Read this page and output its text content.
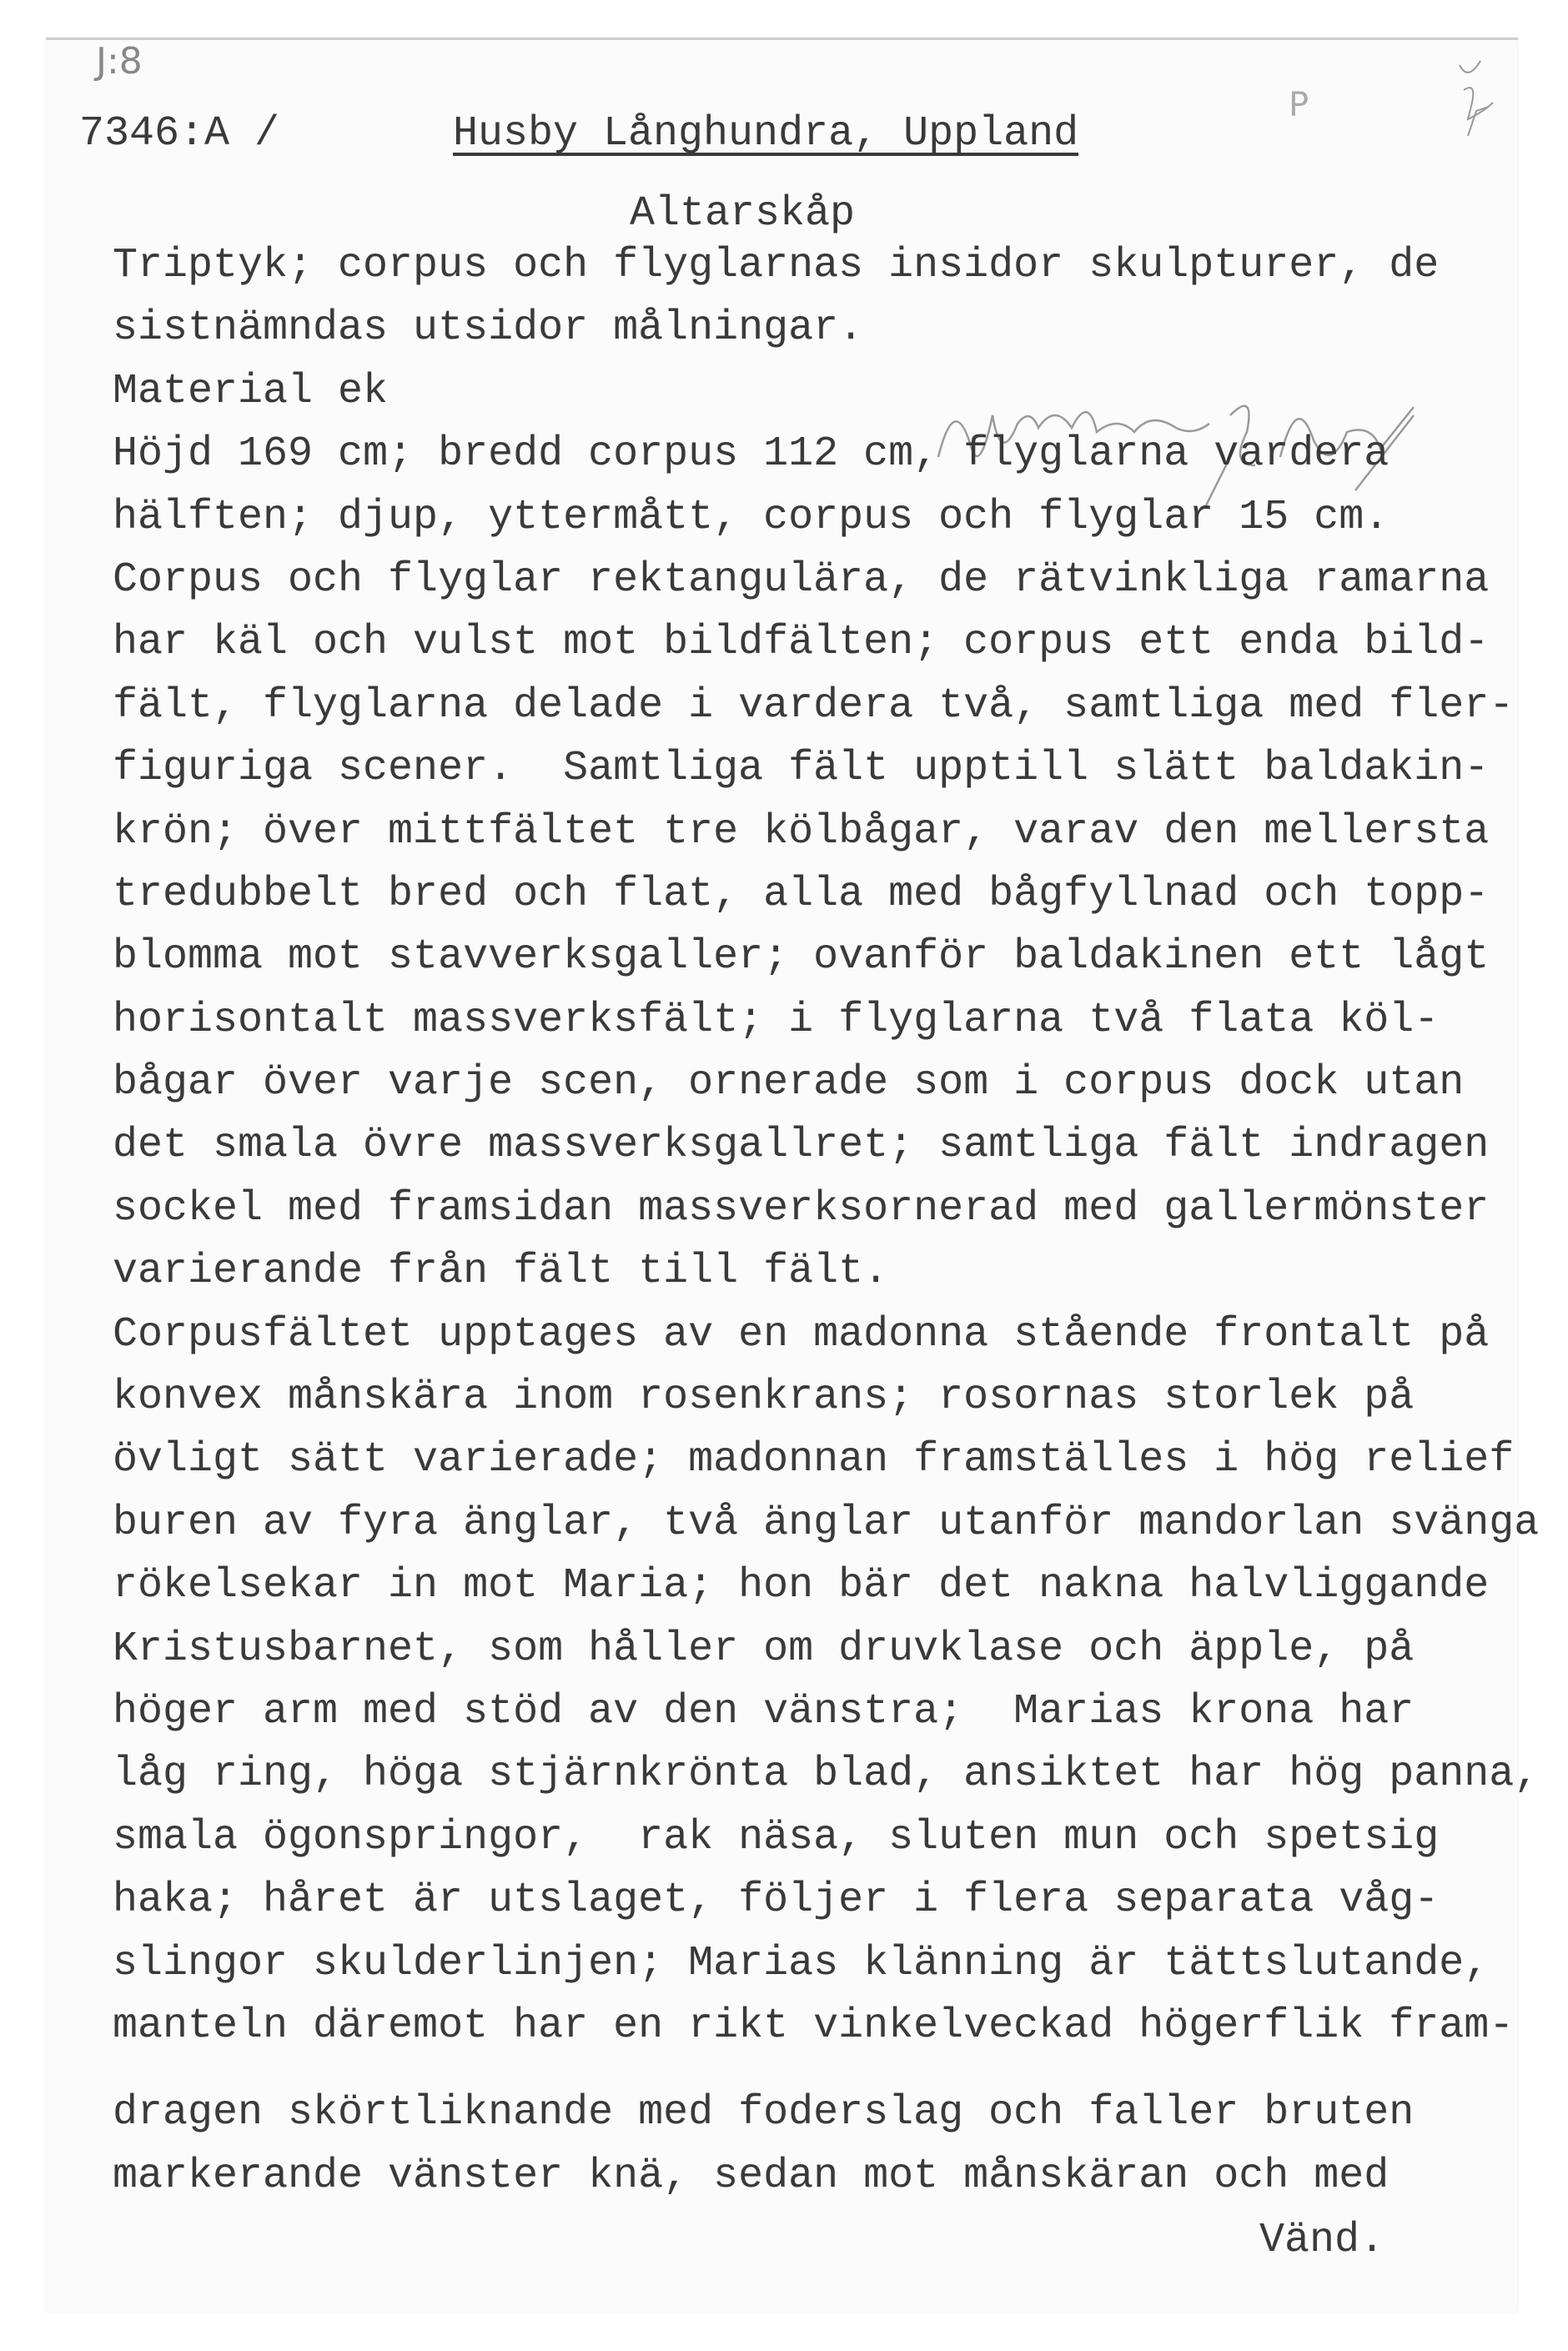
J:8
P
7346:A /	Husby Långhundra, Uppland
Altarskåp
Triptyk; corpus och flyglarnas insidor skulpturer, de
sistnämndas utsidor målningar.
Material ek
Höjd 169 cm; bredd corpus 112 cm, flyglarna vardera
hälften; djup, yttermått, corpus och flyglar 15 cm.
Corpus och flyglar rektangulära, de rätvinkliga ramarna
har käl och vulst mot bildfälten; corpus ett enda bild-
fält, flyglarna delade i vardera två, samtliga med fler-
figuriga scener.  Samtliga fält upptill slätt baldakin-
krön; över mittfältet tre kölbågar, varav den mellersta
tredubbelt bred och flat, alla med bågfyllnad och topp-
blomma mot stavverksgaller; ovanför baldakinen ett lågt
horisontalt massverksfält; i flyglarna två flata köl-
bågar över varje scen, ornerade som i corpus dock utan
det smala övre massverksgallret; samtliga fält indragen
sockel med framsidan massverksornerad med gallermönster
varierande från fält till fält.
Corpusfältet upptages av en madonna stående frontalt på
konvex månskära inom rosenkrans; rosornas storlek på
övligt sätt varierade; madonnan framställes i hög relief
buren av fyra änglar, två änglar utanför mandorlan svänga
rökelsekar in mot Maria; hon bär det nakna halvliggande
Kristusbarnet, som håller om druvklase och äpple, på
höger arm med stöd av den vänstra;  Marias krona har
låg ring, höga stjärnkrönta blad, ansiktet har hög panna,
smala ögonspringor,  rak näsa, sluten mun och spetsig
haka; håret är utslaget, följer i flera separata våg-
slingor skulderlinjen; Marias klänning är tättslutande,
manteln däremot har en rikt vinkelveckad högerflik fram-
dragen skörtliknande med foderslag och faller bruten
markerande vänster knä, sedan mot månskäran och med
Vänd.
